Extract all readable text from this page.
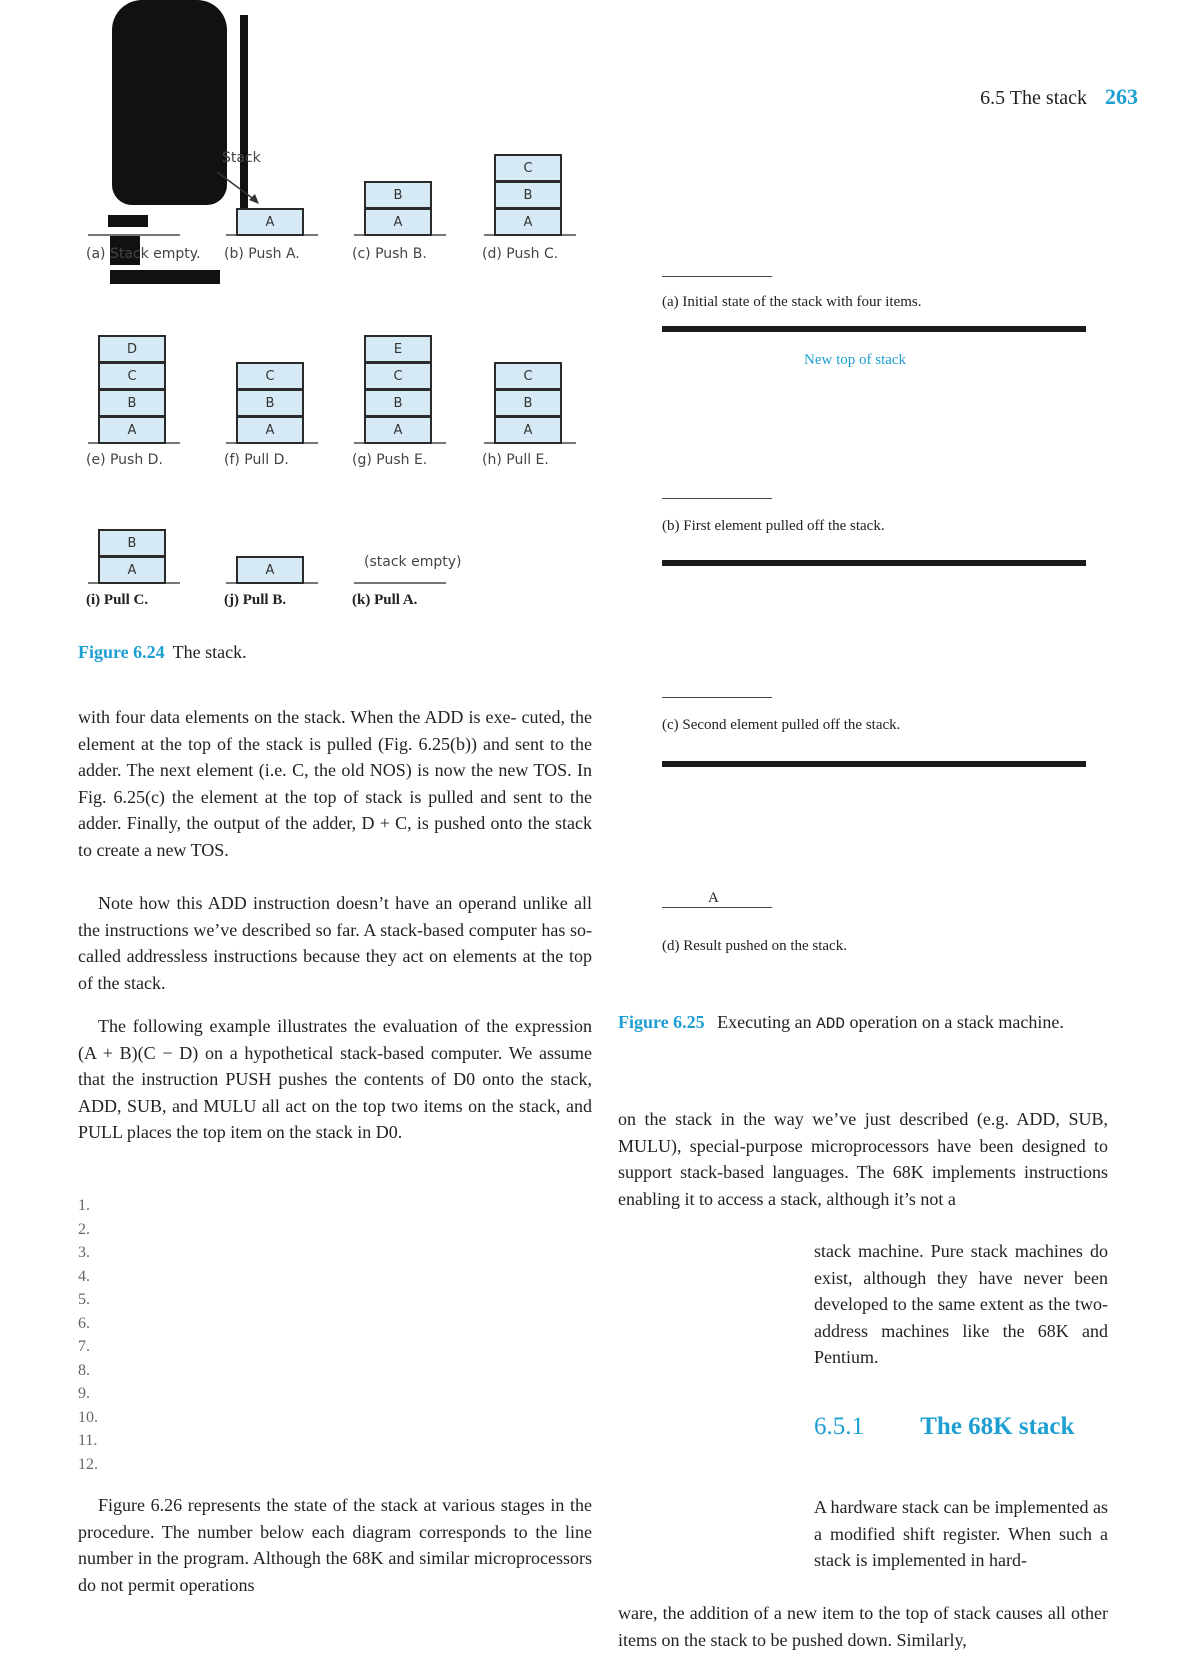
6.5 The stack 263
Stack
(a) Stack empty.
A
(b) Push A.
B
A
(c) Push B.
C
B
A
(d) Push C.
D
C
B
A
(e) Push D.
C
B
A
(f) Pull D.
E
C
B
A
(g) Push E.
C
B
A
(h) Pull E.
B
A
(i) Pull C.
A
(j) Pull B.
(stack empty)
(k) Pull A.
Figure 6.24 The stack.
with four data elements on the stack. When the ADD is exe- cuted, the element at the top of the stack is pulled (Fig. 6.25(b)) and sent to the adder. The next element (i.e. C, the old NOS) is now the new TOS. In Fig. 6.25(c) the element at the top of stack is pulled and sent to the adder. Finally, the output of the adder, D + C, is pushed onto the stack to create a new TOS.
Note how this ADD instruction doesn’t have an operand unlike all the instructions we’ve described so far. A stack-based computer has so-called addressless instructions because they act on elements at the top of the stack.
The following example illustrates the evaluation of the expression (A + B)(C − D) on a hypothetical stack-based computer. We assume that the instruction PUSH pushes the contents of D0 onto the stack, ADD, SUB, and MULU all act on the top two items on the stack, and PULL places the top item on the stack in D0.
1.
2.
3.
4.
5.
6.
7.
8.
9.
10.
11.
12.
Figure 6.26 represents the state of the stack at various stages in the procedure. The number below each diagram corresponds to the line number in the program. Although the 68K and similar microprocessors do not permit operations
(a) Initial state of the stack with four items.
New top of stack
(b) First element pulled off the stack.
(c) Second element pulled off the stack.
A
(d) Result pushed on the stack.
Figure 6.25 Executing an ADD operation on a stack machine.
on the stack in the way we’ve just described (e.g. ADD, SUB, MULU), special-purpose microprocessors have been designed to support stack-based languages. The 68K implements instructions enabling it to access a stack, although it’s not a
stack machine. Pure stack machines do exist, although they have never been developed to the same extent as the two-address machines like the 68K and Pentium.
6.5.1 The 68K stack
A hardware stack can be implemented as a modified shift register. When such a stack is implemented in hard-
ware, the addition of a new item to the top of stack causes all other items on the stack to be pushed down. Similarly,
